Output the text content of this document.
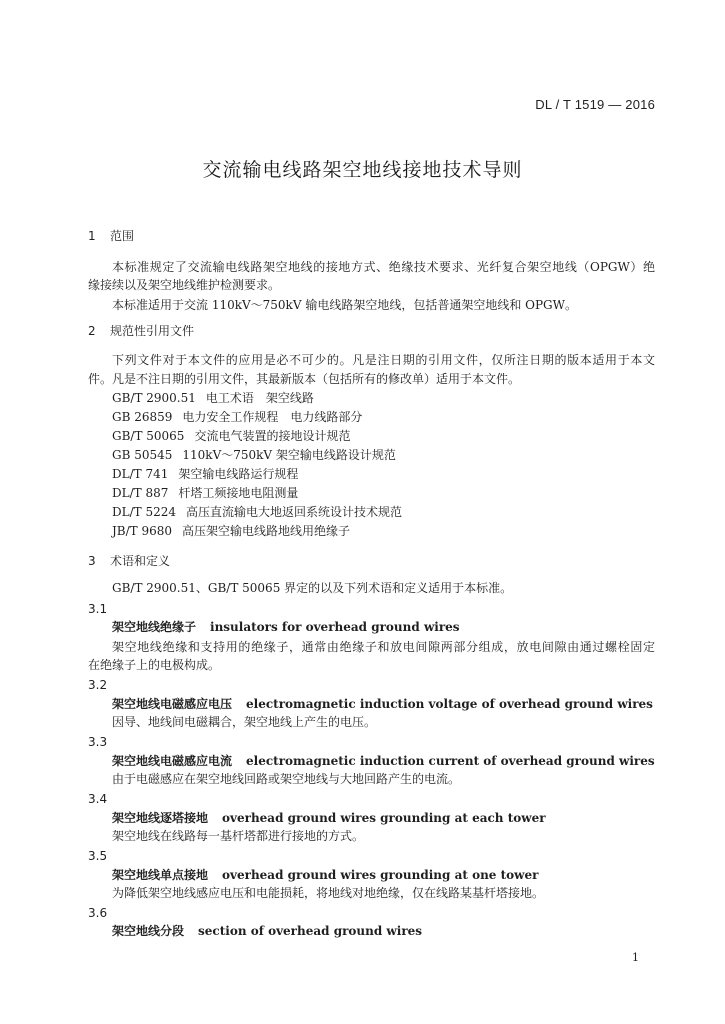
DL / T 1519 — 2016
交流输电线路架空地线接地技术导则
1 范围
本标准规定了交流输电线路架空地线的接地方式、绝缘技术要求、光纤复合架空地线（OPGW）绝
缘接续以及架空地线维护检测要求。
本标准适用于交流 110kV～750kV 输电线路架空地线，包括普通架空地线和 OPGW。
2 规范性引用文件
下列文件对于本文件的应用是必不可少的。凡是注日期的引用文件，仅所注日期的版本适用于本文
件。凡是不注日期的引用文件，其最新版本（包括所有的修改单）适用于本文件。
GB/T 2900.51 电工术语　架空线路
GB 26859 电力安全工作规程　电力线路部分
GB/T 50065 交流电气装置的接地设计规范
GB 50545 110kV～750kV 架空输电线路设计规范
DL/T 741 架空输电线路运行规程
DL/T 887 杆塔工频接地电阻测量
DL/T 5224 高压直流输电大地返回系统设计技术规范
JB/T 9680 高压架空输电线路地线用绝缘子
3 术语和定义
GB/T 2900.51、GB/T 50065 界定的以及下列术语和定义适用于本标准。
3.1
架空地线绝缘子 insulators for overhead ground wires
架空地线绝缘和支持用的绝缘子，通常由绝缘子和放电间隙两部分组成，放电间隙由通过螺栓固定
在绝缘子上的电极构成。
3.2
架空地线电磁感应电压 electromagnetic induction voltage of overhead ground wires
因导、地线间电磁耦合，架空地线上产生的电压。
3.3
架空地线电磁感应电流 electromagnetic induction current of overhead ground wires
由于电磁感应在架空地线回路或架空地线与大地回路产生的电流。
3.4
架空地线逐塔接地 overhead ground wires grounding at each tower
架空地线在线路每一基杆塔都进行接地的方式。
3.5
架空地线单点接地 overhead ground wires grounding at one tower
为降低架空地线感应电压和电能损耗，将地线对地绝缘，仅在线路某基杆塔接地。
3.6
架空地线分段 section of overhead ground wires
1
